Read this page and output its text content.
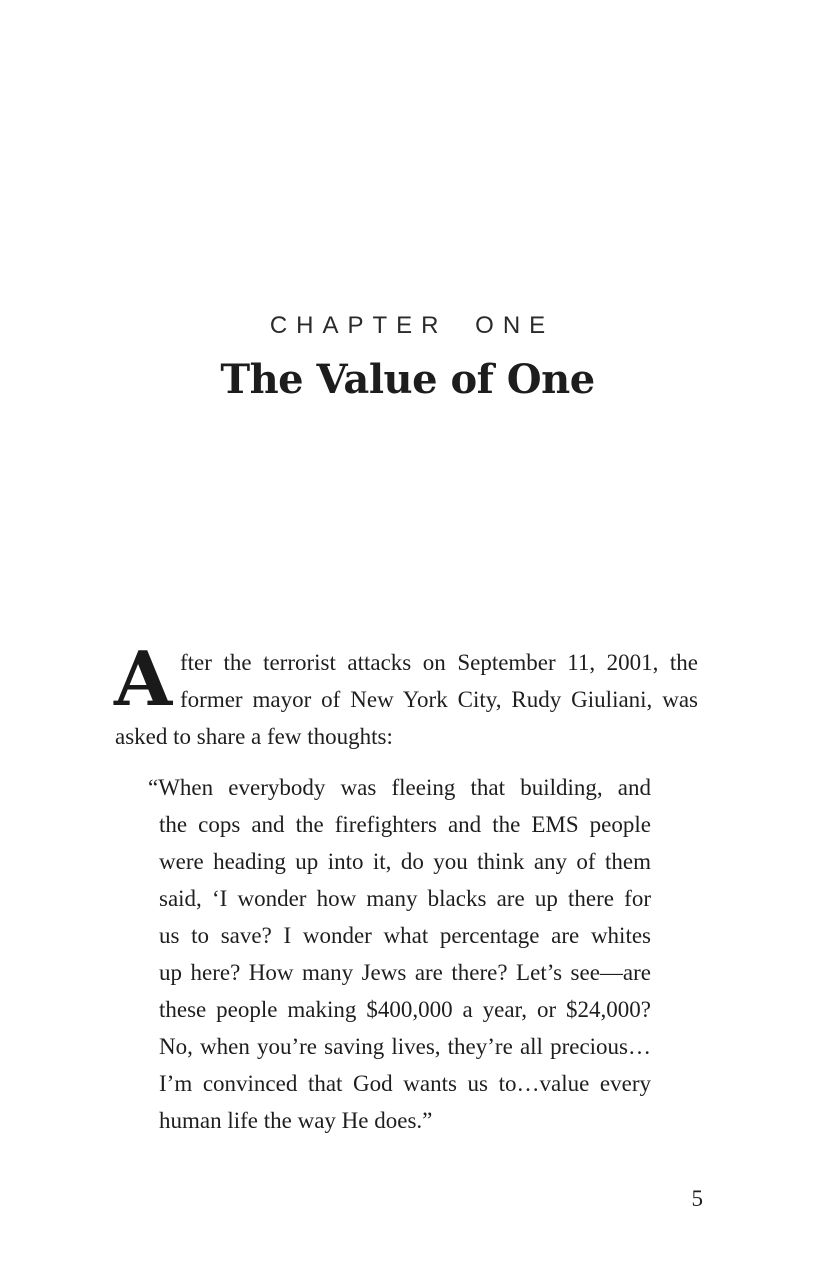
CHAPTER ONE
The Value of One
A fter the terrorist attacks on September 11, 2001, the
former mayor of New York City, Rudy Giuliani, was
asked to share a few thoughts:
“When everybody was fleeing that building, and
the cops and the firefighters and the EMS people
were heading up into it, do you think any of them
said, ‘I wonder how many blacks are up there for
us to save? I wonder what percentage are whites
up here? How many Jews are there? Let’s see—are
these people making $400,000 a year, or $24,000?
No, when you’re saving lives, they’re all precious…
I’m convinced that God wants us to…value every
human life the way He does.”
5
